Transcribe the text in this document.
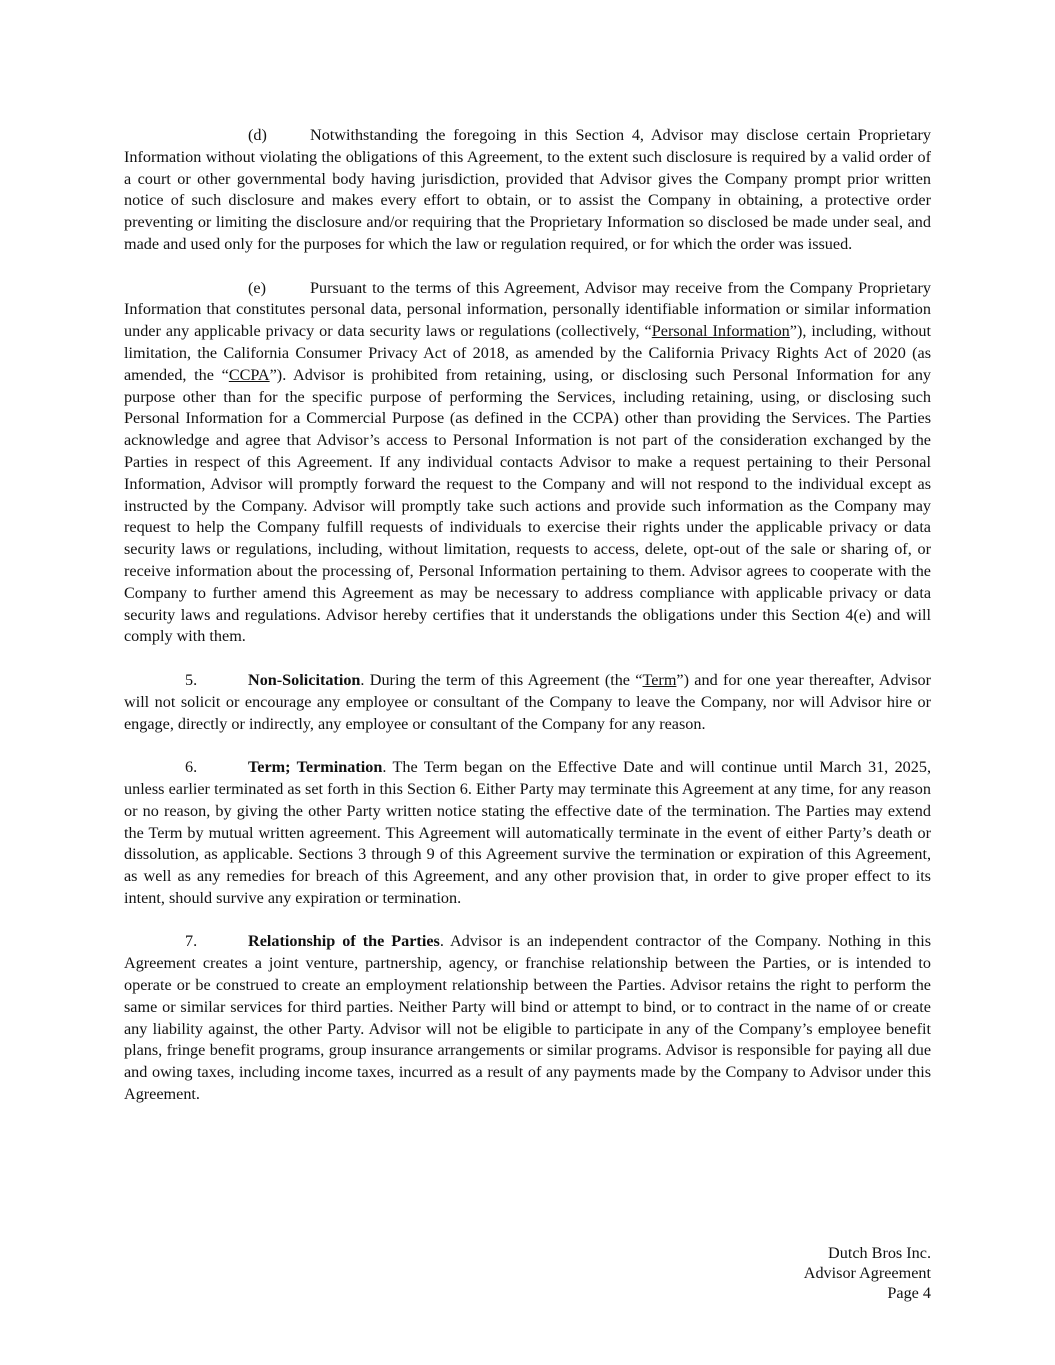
(d)	Notwithstanding the foregoing in this Section 4, Advisor may disclose certain Proprietary Information without violating the obligations of this Agreement, to the extent such disclosure is required by a valid order of a court or other governmental body having jurisdiction, provided that Advisor gives the Company prompt prior written notice of such disclosure and makes every effort to obtain, or to assist the Company in obtaining, a protective order preventing or limiting the disclosure and/or requiring that the Proprietary Information so disclosed be made under seal, and made and used only for the purposes for which the law or regulation required, or for which the order was issued.

(e)	Pursuant to the terms of this Agreement, Advisor may receive from the Company Proprietary Information that constitutes personal data, personal information, personally identifiable information or similar information under any applicable privacy or data security laws or regulations (collectively, “Personal Information”), including, without limitation, the California Consumer Privacy Act of 2018, as amended by the California Privacy Rights Act of 2020 (as amended, the “CCPA”). Advisor is prohibited from retaining, using, or disclosing such Personal Information for any purpose other than for the specific purpose of performing the Services, including retaining, using, or disclosing such Personal Information for a Commercial Purpose (as defined in the CCPA) other than providing the Services. The Parties acknowledge and agree that Advisor’s access to Personal Information is not part of the consideration exchanged by the Parties in respect of this Agreement. If any individual contacts Advisor to make a request pertaining to their Personal Information, Advisor will promptly forward the request to the Company and will not respond to the individual except as instructed by the Company. Advisor will promptly take such actions and provide such information as the Company may request to help the Company fulfill requests of individuals to exercise their rights under the applicable privacy or data security laws or regulations, including, without limitation, requests to access, delete, opt-out of the sale or sharing of, or receive information about the processing of, Personal Information pertaining to them. Advisor agrees to cooperate with the Company to further amend this Agreement as may be necessary to address compliance with applicable privacy or data security laws and regulations. Advisor hereby certifies that it understands the obligations under this Section 4(e) and will comply with them.

5.	Non-Solicitation. During the term of this Agreement (the “Term”) and for one year thereafter, Advisor will not solicit or encourage any employee or consultant of the Company to leave the Company, nor will Advisor hire or engage, directly or indirectly, any employee or consultant of the Company for any reason.

6.	Term; Termination. The Term began on the Effective Date and will continue until March 31, 2025, unless earlier terminated as set forth in this Section 6. Either Party may terminate this Agreement at any time, for any reason or no reason, by giving the other Party written notice stating the effective date of the termination. The Parties may extend the Term by mutual written agreement. This Agreement will automatically terminate in the event of either Party’s death or dissolution, as applicable. Sections 3 through 9 of this Agreement survive the termination or expiration of this Agreement, as well as any remedies for breach of this Agreement, and any other provision that, in order to give proper effect to its intent, should survive any expiration or termination.

7.	Relationship of the Parties. Advisor is an independent contractor of the Company. Nothing in this Agreement creates a joint venture, partnership, agency, or franchise relationship between the Parties, or is intended to operate or be construed to create an employment relationship between the Parties. Advisor retains the right to perform the same or similar services for third parties. Neither Party will bind or attempt to bind, or to contract in the name of or create any liability against, the other Party. Advisor will not be eligible to participate in any of the Company’s employee benefit plans, fringe benefit programs, group insurance arrangements or similar programs. Advisor is responsible for paying all due and owing taxes, including income taxes, incurred as a result of any payments made by the Company to Advisor under this Agreement.

Dutch Bros Inc.
Advisor Agreement
Page 4
